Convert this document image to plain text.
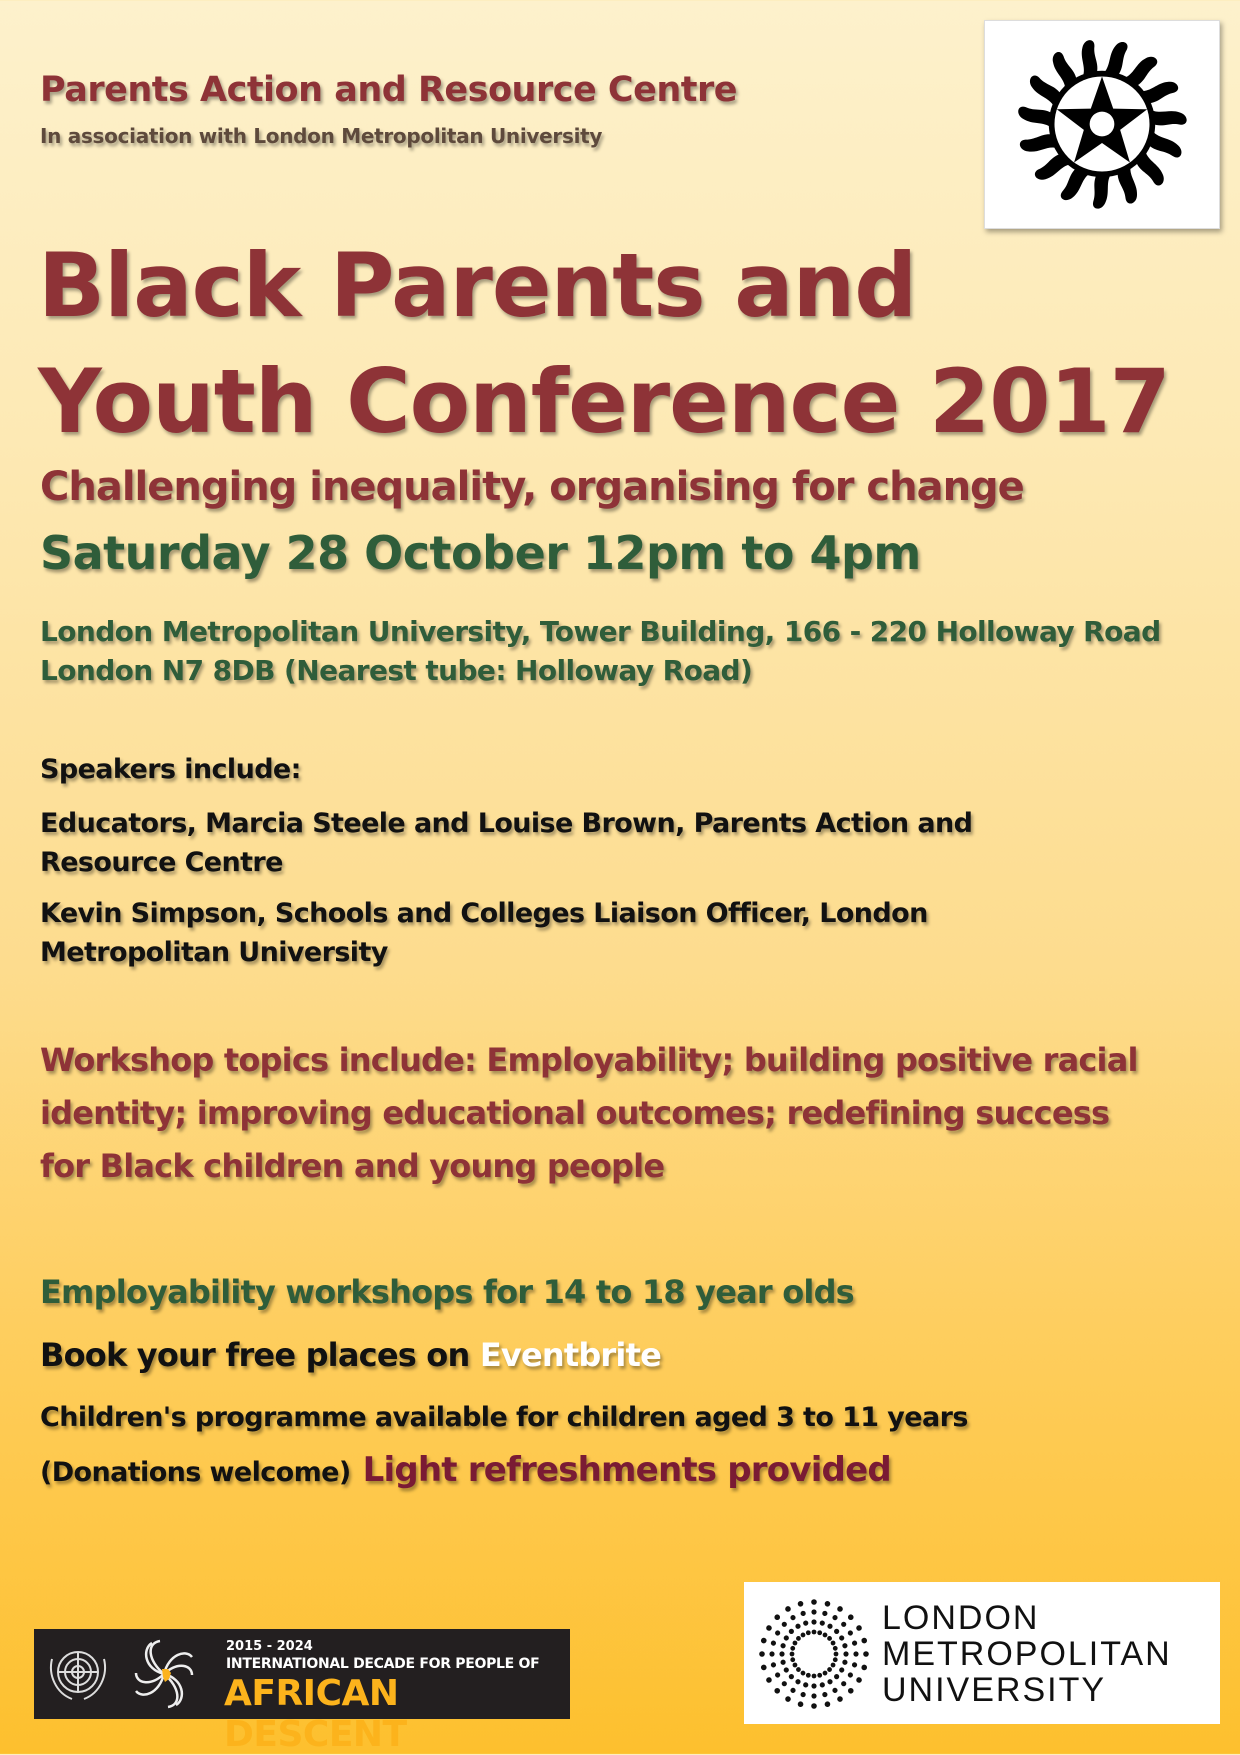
Parents Action and Resource Centre
In association with London Metropolitan University
Black Parents and
Youth Conference 2017
Challenging inequality, organising for change
Saturday 28 October 12pm to 4pm
London Metropolitan University, Tower Building, 166 - 220 Holloway Road
London N7 8DB (Nearest tube: Holloway Road)
Speakers include:
Educators, Marcia Steele and Louise Brown, Parents Action and Resource Centre
Kevin Simpson, Schools and Colleges Liaison Officer, London Metropolitan University
Workshop topics include: Employability; building positive racial identity; improving educational outcomes; redefining success for Black children and young people
Employability workshops for 14 to 18 year olds
Book your free places on Eventbrite
Children's programme available for children aged 3 to 11 years
(Donations welcome) Light refreshments provided
2015 - 2024
INTERNATIONAL DECADE FOR PEOPLE OF
AFRICAN DESCENT
LONDON
METROPOLITAN
UNIVERSITY
